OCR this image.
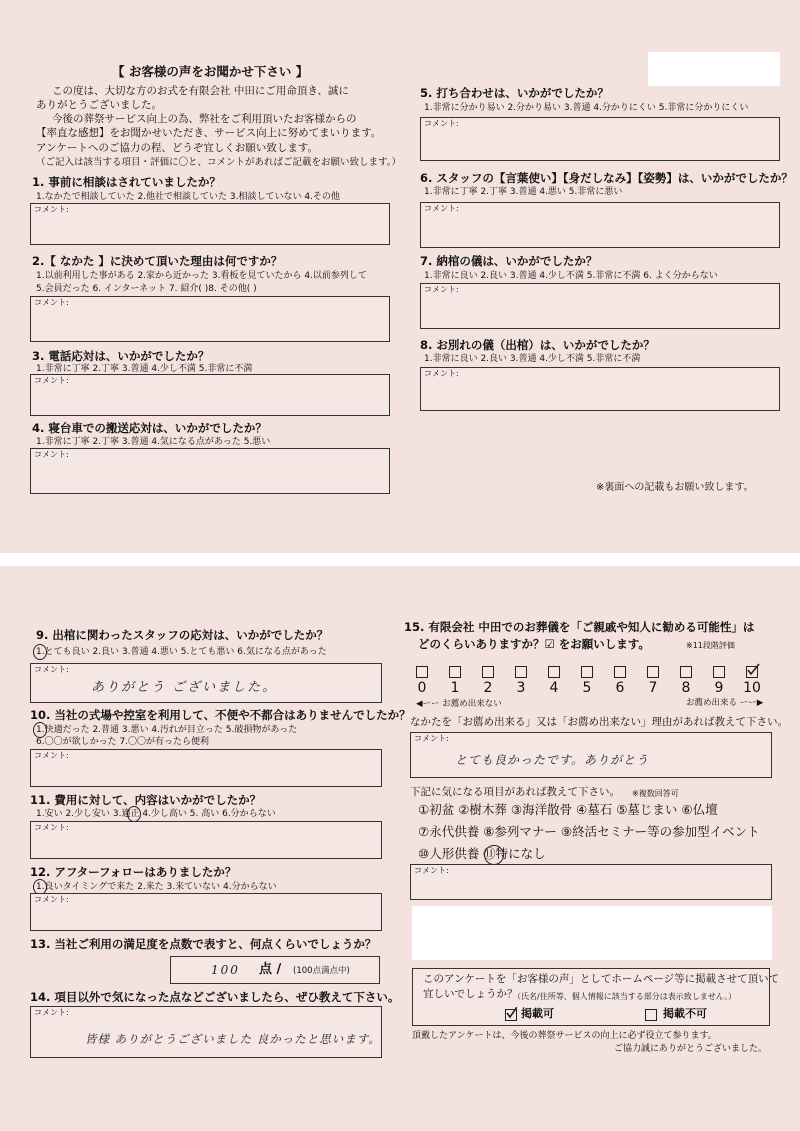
【 お客様の声をお聞かせ下さい 】
この度は、大切な方のお式を有限会社 中田にご用命頂き、誠に
ありがとうございました。
今後の葬祭サービス向上の為、弊社をご利用頂いたお客様からの
【率直な感想】をお聞かせいただき、サービス向上に努めてまいります。
アンケートへのご協力の程、どうぞ宜しくお願い致します。
（ご記入は該当する項目・評価に〇と、コメントがあればご記載をお願い致します。）
1. 事前に相談はされていましたか？
1.なかたで相談していた 2.他社で相談していた 3.相談していない 4.その他
コメント:
2.【 なかた 】に決めて頂いた理由は何ですか？
1.以前利用した事がある 2.家から近かった 3.看板を見ていたから 4.以前参列して
5.会員だった 6. インターネット 7. 紹介( )8. その他( )
コメント:
3. 電話応対は、いかがでしたか？
1.非常に丁寧 2.丁寧 3.普通 4.少し不満 5.非常に不満
コメント:
4. 寝台車での搬送応対は、いかがでしたか？
1.非常に丁寧 2.丁寧 3.普通 4.気になる点があった 5.悪い
コメント:
5. 打ち合わせは、いかがでしたか？
1.非常に分かり易い 2.分かり易い 3.普通 4.分かりにくい 5.非常に分かりにくい
コメント:
6. スタッフの【言葉使い】【身だしなみ】【姿勢】は、いかがでしたか？
1.非常に丁寧 2.丁寧 3.普通 4.悪い 5.非常に悪い
コメント:
7. 納棺の儀は、いかがでしたか？
1.非常に良い 2.良い 3.普通 4.少し不満 5.非常に不満 6. よく分からない
コメント:
8. お別れの儀（出棺）は、いかがでしたか？
1.非常に良い 2.良い 3.普通 4.少し不満 5.非常に不満
コメント:
※裏面への記載もお願い致します。
9. 出棺に関わったスタッフの応対は、いかがでしたか？
1.とても良い 2.良い 3.普通 4.悪い 5.とても悪い 6.気になる点があった
コメント:
ありがとう ございました。
10. 当社の式場や控室を利用して、不便や不都合はありませんでしたか？
1.快適だった 2.普通 3.悪い 4.汚れが目立った 5.破損物があった
6.〇〇が欲しかった 7.〇〇が有ったら便利
コメント:
11. 費用に対して、内容はいかがでしたか？
1.安い 2.少し安い 3.適正 4.少し高い 5. 高い 6.分からない
コメント:
12. アフターフォローはありましたか？
1.良いタイミングで来た 2.来た 3.来ていない 4.分からない
コメント:
13. 当社ご利用の満足度を点数で表すと、何点くらいでしょうか？
100 点 / (100点満点中)
14. 項目以外で気になった点などございましたら、ぜひ教えて下さい。
コメント:
皆様 ありがとうございました 良かったと思います。
15. 有限会社 中田でのお葬儀を「ご親戚や知人に勧める可能性」は
どのくらいありますか？☑ をお願いします。	※11段階評価
0	1	2	3	4	5	6	7	8	9	10
◀ーー お薦め出来ない	お薦め出来る ーー▶
なかたを「お薦め出来る」又は「お薦め出来ない」理由があれば教えて下さい。
コメント:
とても良かったです。ありがとう
下記に気になる項目があれば教えて下さい。 ※複数回答可
①初盆 ②樹木葬 ③海洋散骨 ④墓石 ⑤墓じまい ⑥仏壇
⑦永代供養 ⑧参列マナー ⑨終活セミナー等の参加型イベント
⑩人形供養 ⑪特になし
コメント:
このアンケートを「お客様の声」としてホームページ等に掲載させて頂いて
宜しいでしょうか？
（氏名/住所等、個人情報に該当する部分は表示致しません。）
掲載可	掲載不可
頂戴したアンケートは、今後の葬祭サービスの向上に必ず役立て参ります。
ご協力誠にありがとうございました。
